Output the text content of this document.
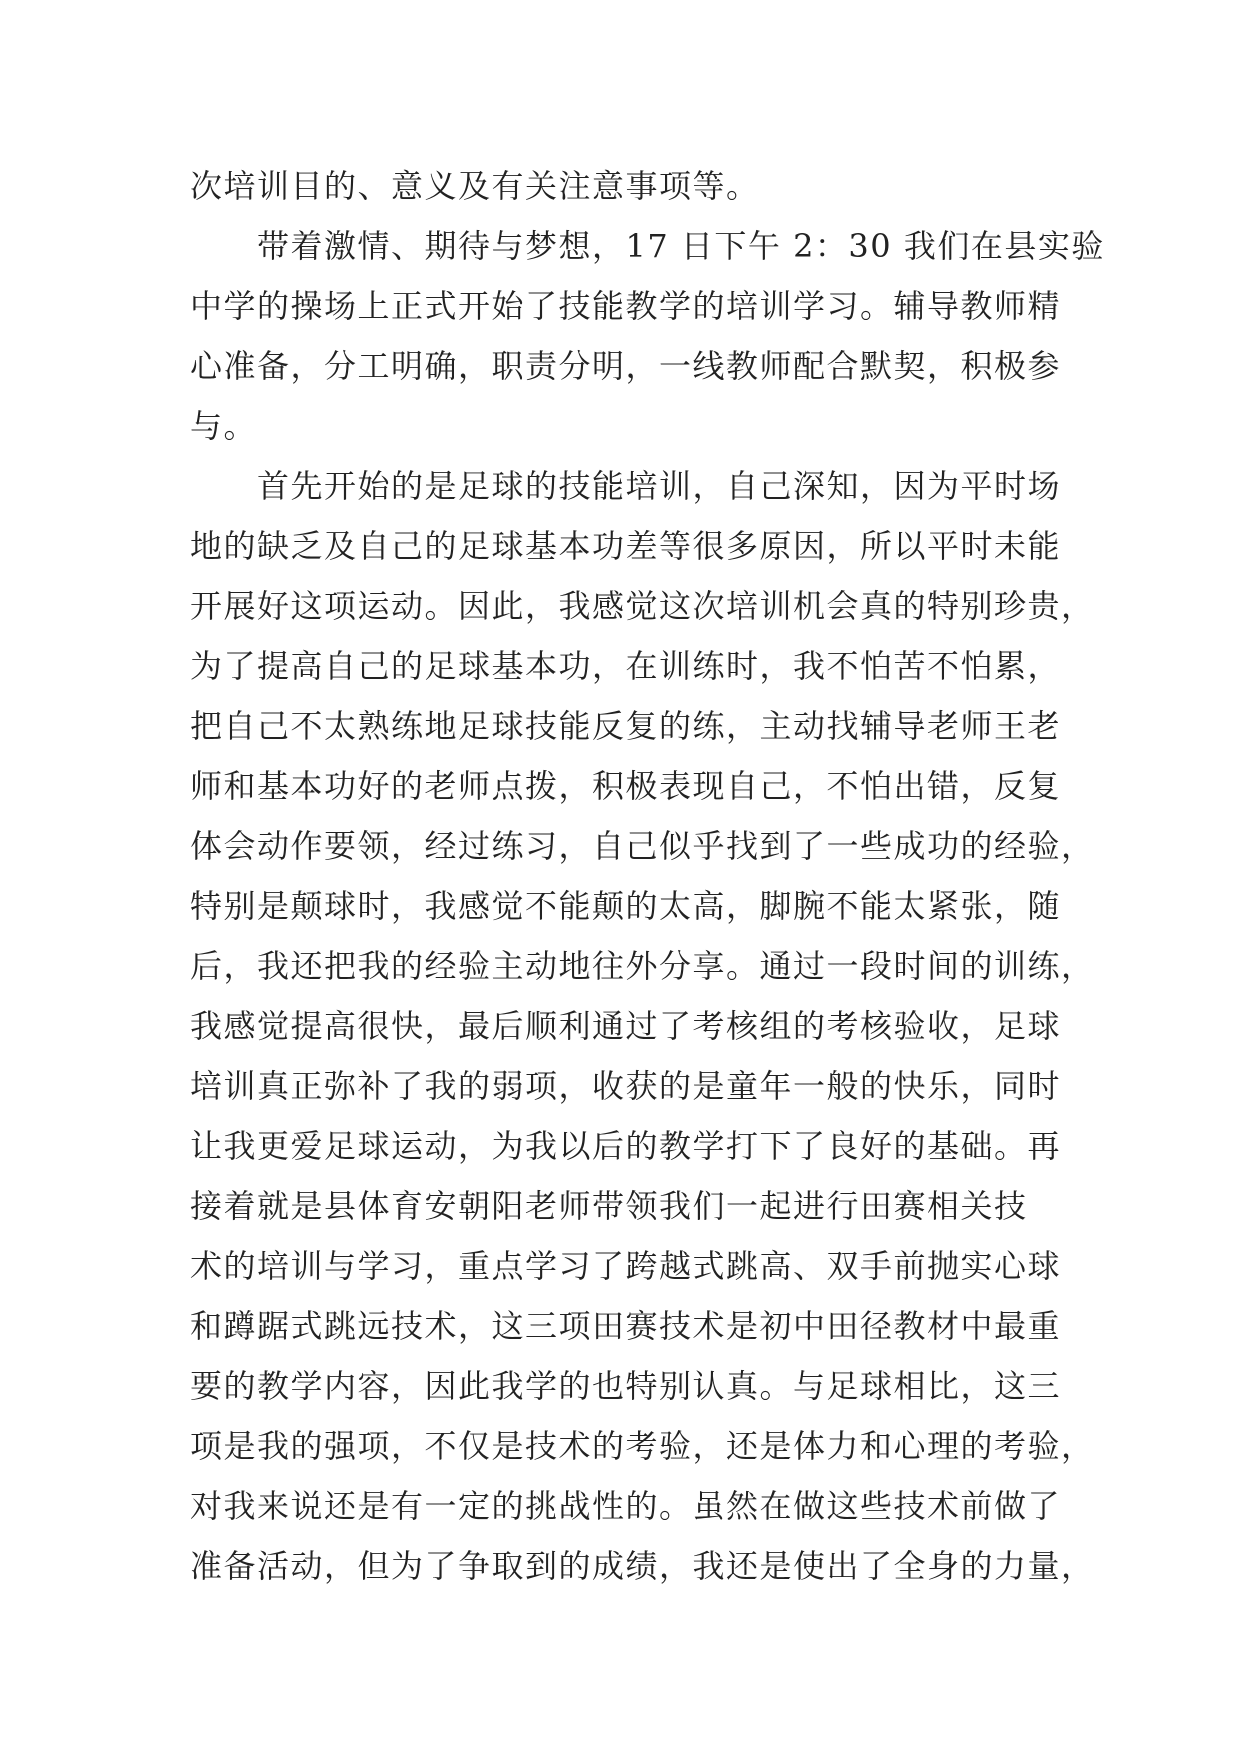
次培训目的、意义及有关注意事项等。
　　带着激情、期待与梦想，17 日下午 2：30 我们在县实验
中学的操场上正式开始了技能教学的培训学习。辅导教师精
心准备，分工明确，职责分明，一线教师配合默契，积极参
与。
　　首先开始的是足球的技能培训，自己深知，因为平时场
地的缺乏及自己的足球基本功差等很多原因，所以平时未能
开展好这项运动。因此，我感觉这次培训机会真的特别珍贵，
为了提高自己的足球基本功，在训练时，我不怕苦不怕累，
把自己不太熟练地足球技能反复的练，主动找辅导老师王老
师和基本功好的老师点拨，积极表现自己，不怕出错，反复
体会动作要领，经过练习，自己似乎找到了一些成功的经验，
特别是颠球时，我感觉不能颠的太高，脚腕不能太紧张，随
后，我还把我的经验主动地往外分享。通过一段时间的训练，
我感觉提高很快，最后顺利通过了考核组的考核验收，足球
培训真正弥补了我的弱项，收获的是童年一般的快乐，同时
让我更爱足球运动，为我以后的教学打下了良好的基础。再
接着就是县体育安朝阳老师带领我们一起进行田赛相关技
术的培训与学习，重点学习了跨越式跳高、双手前抛实心球
和蹲踞式跳远技术，这三项田赛技术是初中田径教材中最重
要的教学内容，因此我学的也特别认真。与足球相比，这三
项是我的强项，不仅是技术的考验，还是体力和心理的考验，
对我来说还是有一定的挑战性的。虽然在做这些技术前做了
准备活动，但为了争取到的成绩，我还是使出了全身的力量，
